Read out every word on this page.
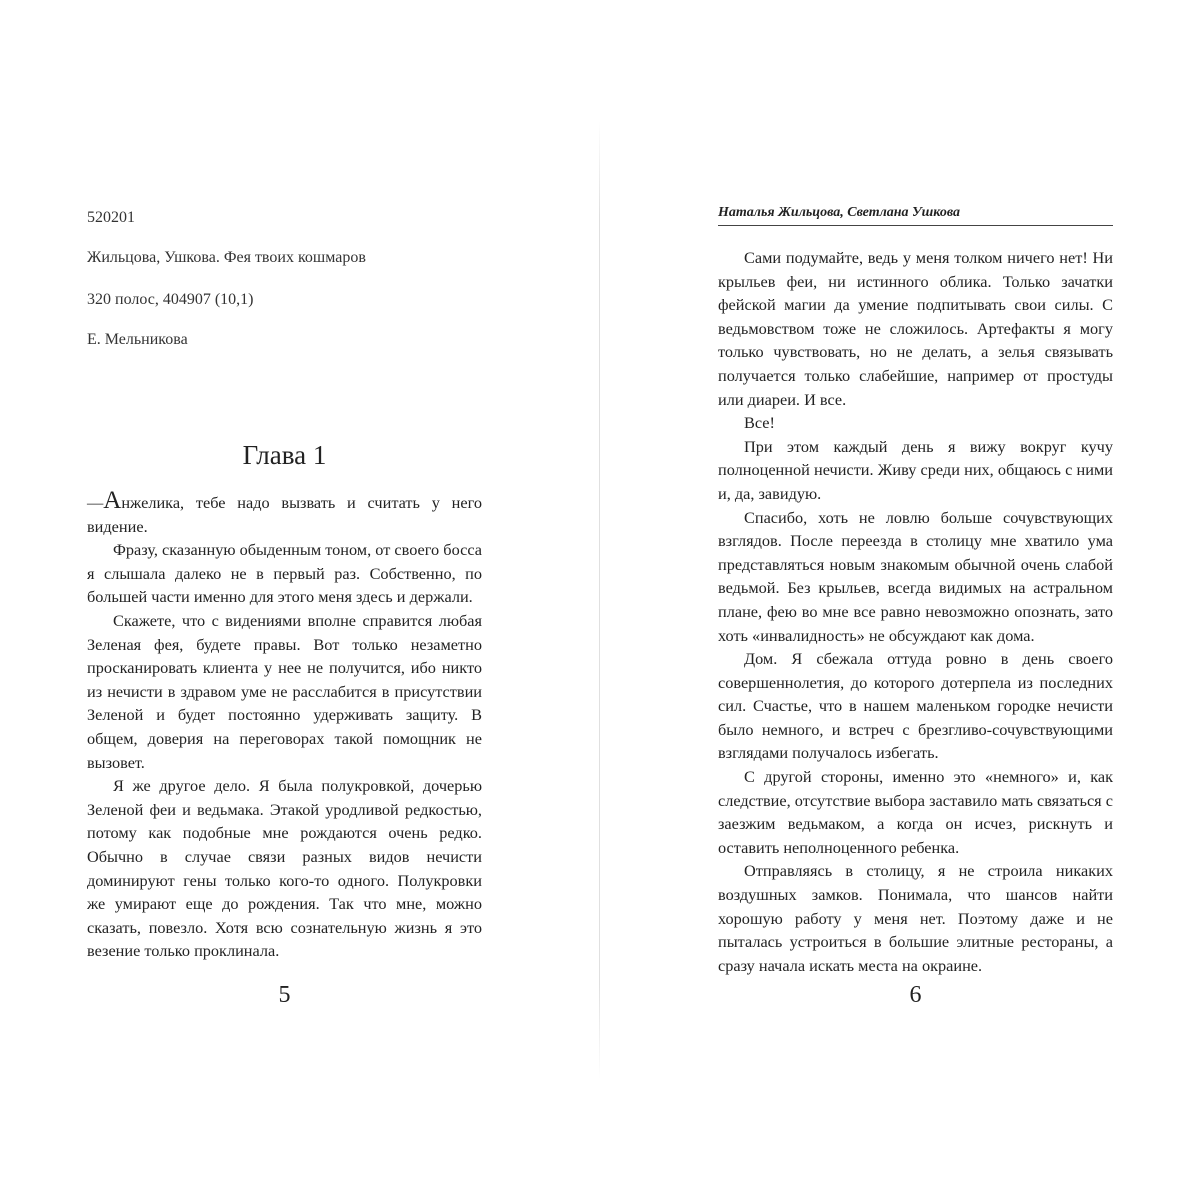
520201
Жильцова, Ушкова. Фея твоих кошмаров
320 полос, 404907 (10,1)
Е. Мельникова
Глава 1

—Анжелика, тебе надо вызвать и считать у него видение.

Фразу, сказанную обыденным тоном, от своего босса я слышала далеко не в первый раз. Собственно, по большей части именно для этого меня здесь и держали.

Скажете, что с видениями вполне справится любая Зеленая фея, будете правы. Вот только незаметно просканировать клиента у нее не получится, ибо никто из нечисти в здравом уме не расслабится в присутствии Зеленой и будет постоянно удерживать защиту. В общем, доверия на переговорах такой помощник не вызовет.

Я же другое дело. Я была полукровкой, дочерью Зеленой феи и ведьмака. Этакой уродливой редкостью, потому как подобные мне рождаются очень редко. Обычно в случае связи разных видов нечисти доминируют гены только кого-то одного. Полукровки же умирают еще до рождения. Так что мне, можно сказать, повезло. Хотя всю сознательную жизнь я это везение только проклинала.

5
Наталья Жильцова, Светлана Ушкова

Сами подумайте, ведь у меня толком ничего нет! Ни крыльев феи, ни истинного облика. Только зачатки фейской магии да умение подпитывать свои силы. С ведьмовством тоже не сложилось. Артефакты я могу только чувствовать, но не делать, а зелья связывать получается только слабейшие, например от простуды или диареи. И все.

Все!

При этом каждый день я вижу вокруг кучу полноценной нечисти. Живу среди них, общаюсь с ними и, да, завидую.

Спасибо, хоть не ловлю больше сочувствующих взглядов. После переезда в столицу мне хватило ума представляться новым знакомым обычной очень слабой ведьмой. Без крыльев, всегда видимых на астральном плане, фею во мне все равно невозможно опознать, зато хоть «инвалидность» не обсуждают как дома.

Дом. Я сбежала оттуда ровно в день своего совершеннолетия, до которого дотерпела из последних сил. Счастье, что в нашем маленьком городке нечисти было немного, и встреч с брезгливо-сочувствующими взглядами получалось избегать.

С другой стороны, именно это «немного» и, как следствие, отсутствие выбора заставило мать связаться с заезжим ведьмаком, а когда он исчез, рискнуть и оставить неполноценного ребенка.

Отправляясь в столицу, я не строила никаких воздушных замков. Понимала, что шансов найти хорошую работу у меня нет. Поэтому даже и не пыталась устроиться в большие элитные рестораны, а сразу начала искать места на окраине.

6
